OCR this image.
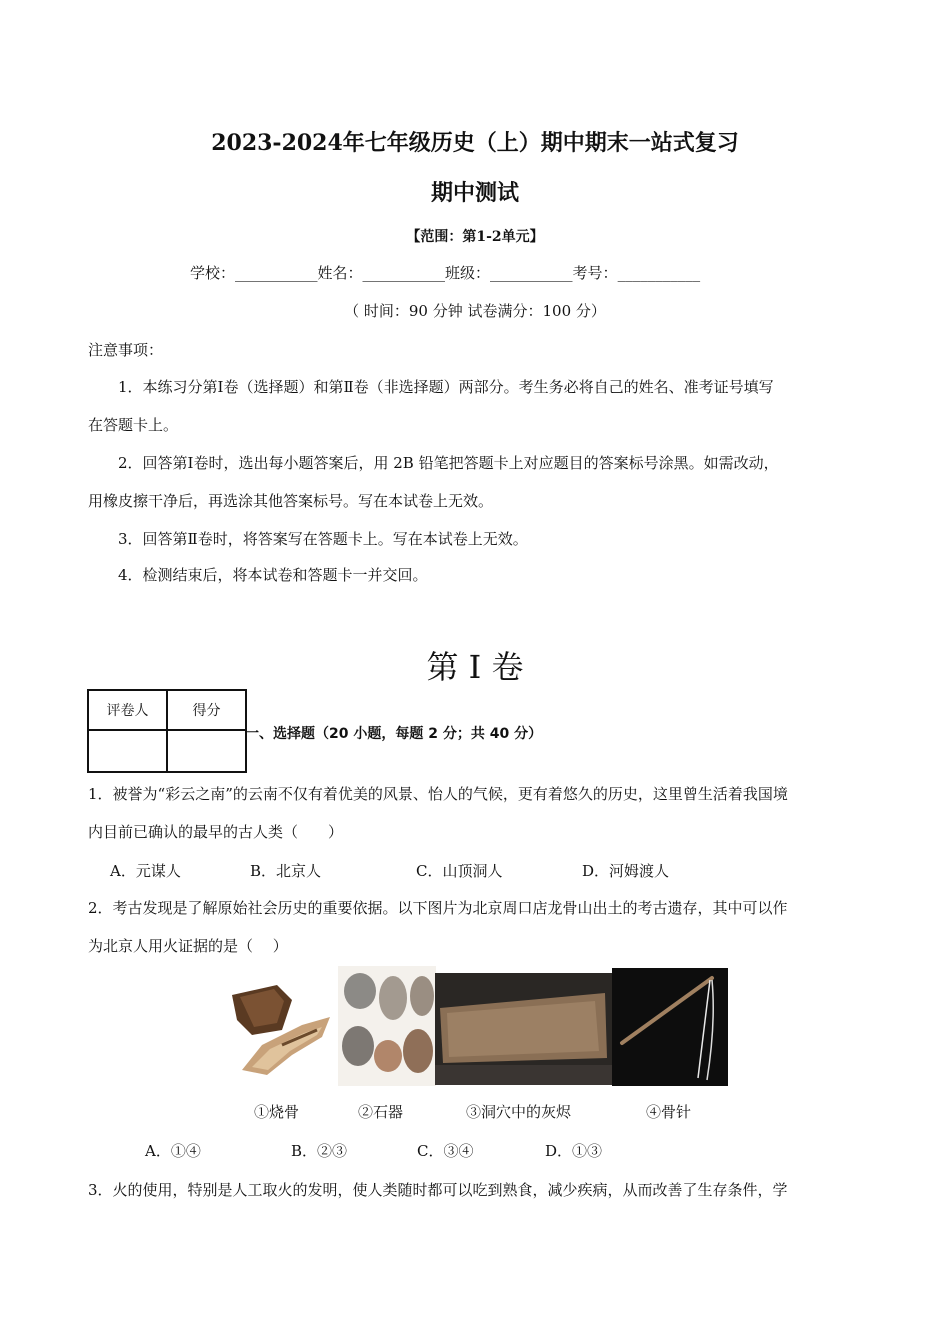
2023-2024年七年级历史（上）期中期末一站式复习
期中测试
【范围：第1-2单元】
学校：___________姓名：___________班级：___________考号：___________
（ 时间：90 分钟 试卷满分：100 分）
注意事项：
1．本练习分第Ⅰ卷（选择题）和第Ⅱ卷（非选择题）两部分。考生务必将自己的姓名、准考证号填写
在答题卡上。
2．回答第Ⅰ卷时，选出每小题答案后，用 2B 铅笔把答题卡上对应题目的答案标号涂黑。如需改动，
用橡皮擦干净后，再选涂其他答案标号。写在本试卷上无效。
3．回答第Ⅱ卷时，将答案写在答题卡上。写在本试卷上无效。
4．检测结束后，将本试卷和答题卡一并交回。
第 I 卷
评卷人	得分

一、选择题（20 小题，每题 2 分；共 40 分）
1．被誉为“彩云之南”的云南不仅有着优美的风景、怡人的气候，更有着悠久的历史，这里曾生活着我国境
内目前已确认的最早的古人类（　　）
A．元谋人	B．北京人	C．山顶洞人	D．河姆渡人
2．考古发现是了解原始社会历史的重要依据。以下图片为北京周口店龙骨山出土的考古遗存，其中可以作
为北京人用火证据的是（　 ）
①烧骨	②石器	③洞穴中的灰烬	④骨针
A．①④	B．②③	C．③④	D．①③
3．火的使用，特别是人工取火的发明，使人类随时都可以吃到熟食，减少疾病，从而改善了生存条件，学
